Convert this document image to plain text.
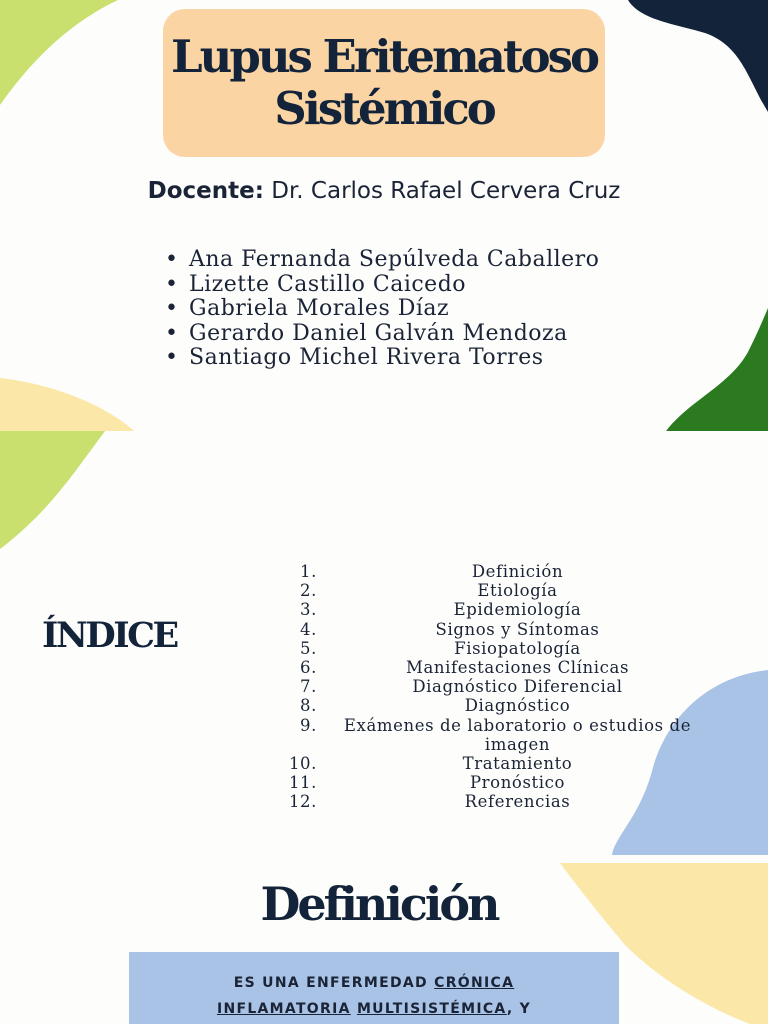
Lupus Eritematoso
Sistémico
Docente: Dr. Carlos Rafael Cervera Cruz
• Ana Fernanda Sepúlveda Caballero
• Lizette Castillo Caicedo
• Gabriela Morales Díaz
• Gerardo Daniel Galván Mendoza
• Santiago Michel Rivera Torres
ÍNDICE
1.	Definición
2.	Etiología
3.	Epidemiología
4.	Signos y Síntomas
5.	Fisiopatología
6.	Manifestaciones Clínicas
7.	Diagnóstico Diferencial
8.	Diagnóstico
9.	Exámenes de laboratorio o estudios de imagen
10.	Tratamiento
11.	Pronóstico
12.	Referencias
Definición
ES UNA ENFERMEDAD CRÓNICA
INFLAMATORIA MULTISISTÉMICA, Y
